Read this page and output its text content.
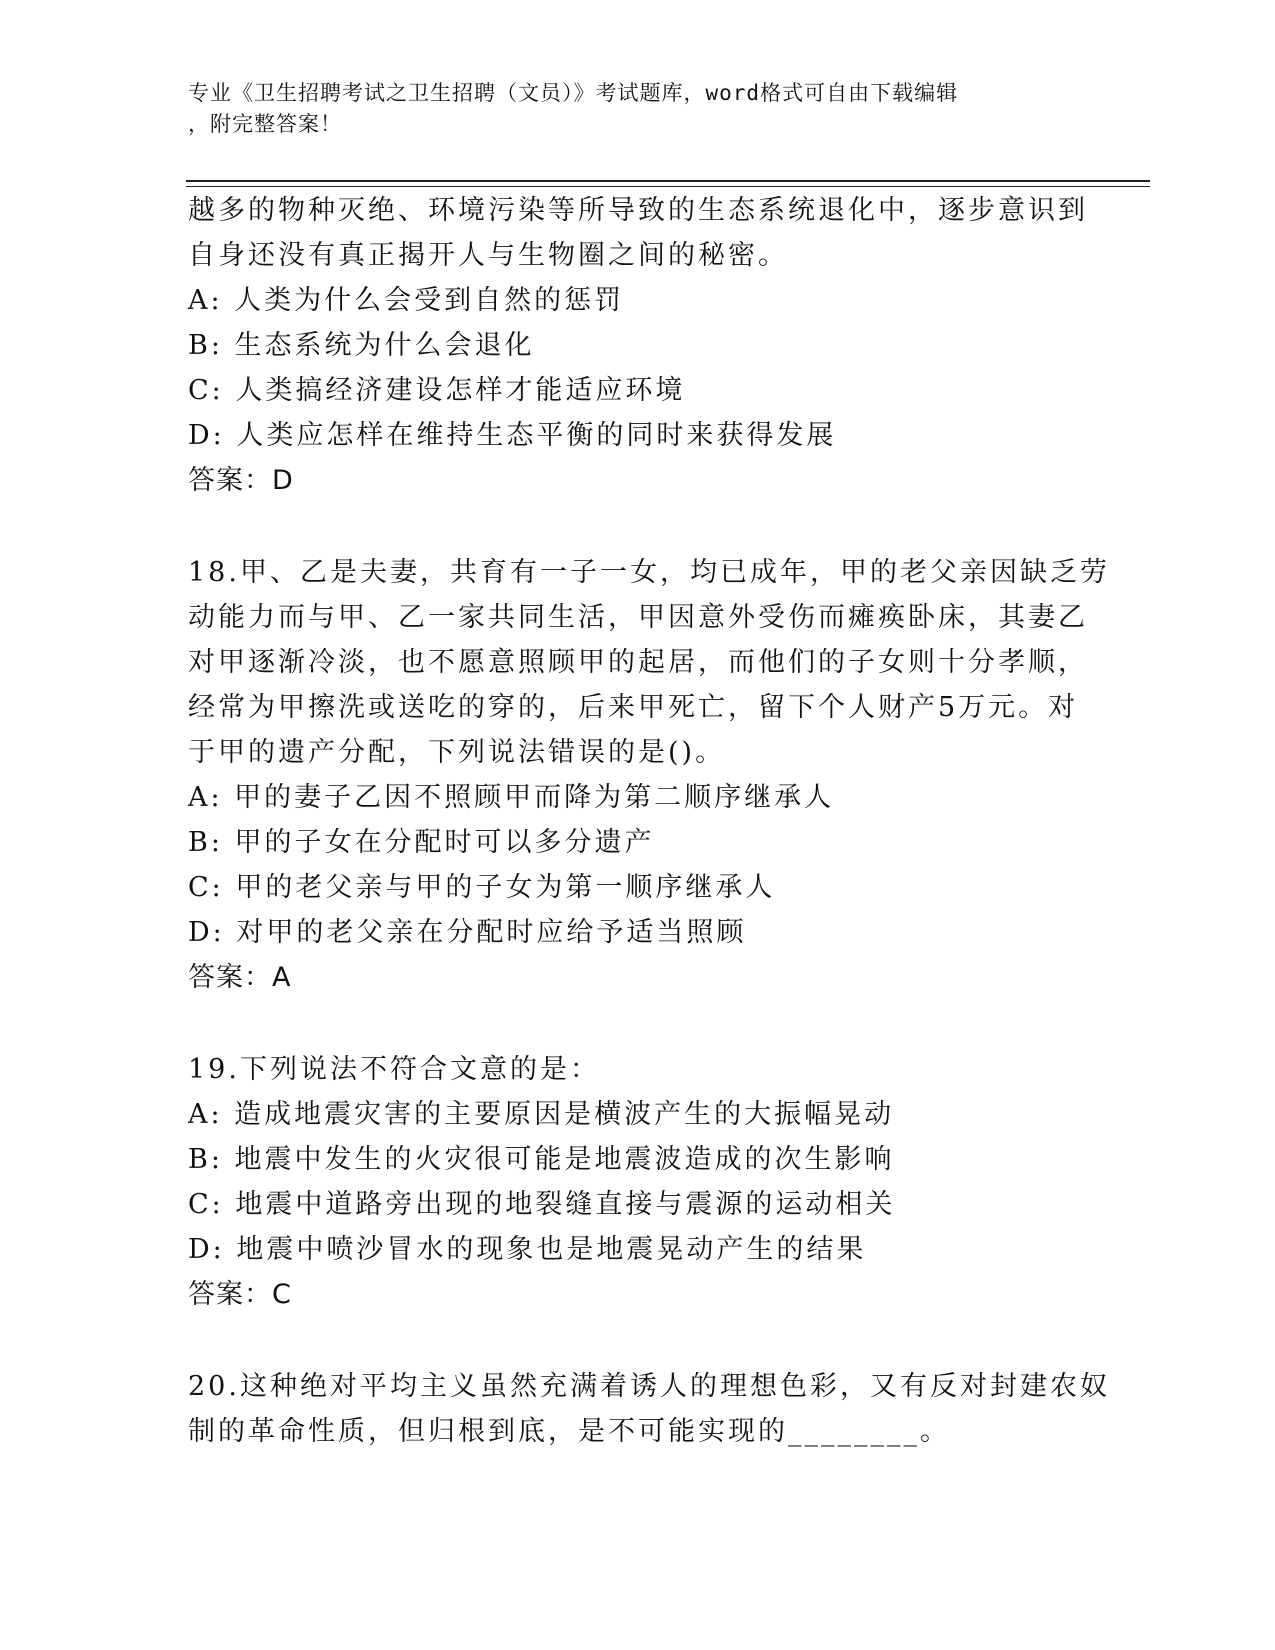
专业《卫生招聘考试之卫生招聘（文员）》考试题库，word格式可自由下载编辑
，附完整答案！
越多的物种灭绝、环境污染等所导致的生态系统退化中，逐步意识到
自身还没有真正揭开人与生物圈之间的秘密。
A: 人类为什么会受到自然的惩罚
B: 生态系统为什么会退化
C: 人类搞经济建设怎样才能适应环境
D: 人类应怎样在维持生态平衡的同时来获得发展
答案：D
18.甲、乙是夫妻，共育有一子一女，均已成年，甲的老父亲因缺乏劳
动能力而与甲、乙一家共同生活，甲因意外受伤而瘫痪卧床，其妻乙
对甲逐渐冷淡，也不愿意照顾甲的起居，而他们的子女则十分孝顺，
经常为甲擦洗或送吃的穿的，后来甲死亡，留下个人财产5万元。对
于甲的遗产分配，下列说法错误的是()。
A: 甲的妻子乙因不照顾甲而降为第二顺序继承人
B: 甲的子女在分配时可以多分遗产
C: 甲的老父亲与甲的子女为第一顺序继承人
D: 对甲的老父亲在分配时应给予适当照顾
答案：A
19.下列说法不符合文意的是：
A: 造成地震灾害的主要原因是横波产生的大振幅晃动
B: 地震中发生的火灾很可能是地震波造成的次生影响
C: 地震中道路旁出现的地裂缝直接与震源的运动相关
D: 地震中喷沙冒水的现象也是地震晃动产生的结果
答案：C
20.这种绝对平均主义虽然充满着诱人的理想色彩，又有反对封建农奴
制的革命性质，但归根到底，是不可能实现的________。
